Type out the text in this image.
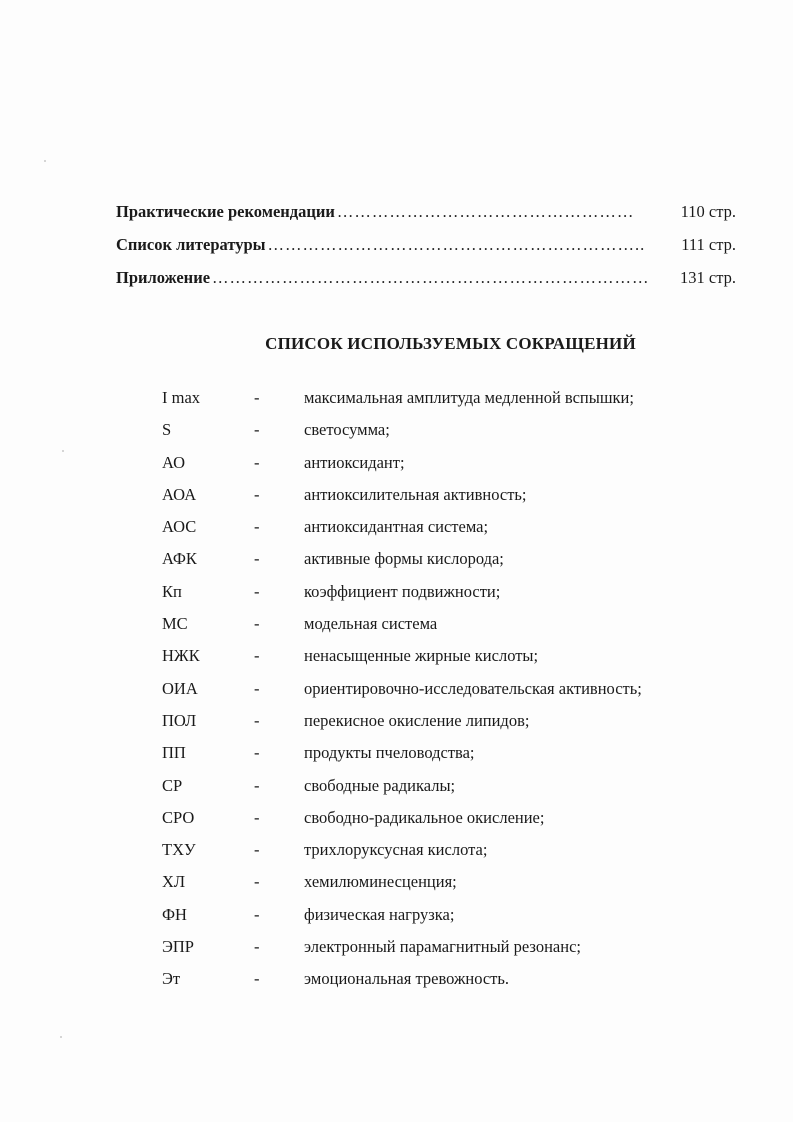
Практические рекомендации ……………………………………………	110 стр.
Список литературы ………………………………………………………..	111 стр.
Приложение …………………………………………………………………	131 стр.
СПИСОК ИСПОЛЬЗУЕМЫХ СОКРАЩЕНИЙ
I max	-	максимальная амплитуда медленной вспышки;
S	-	светосумма;
АО	-	антиоксидант;
АОА	-	антиоксилительная активность;
АОС	-	антиоксидантная система;
АФК	-	активные формы кислорода;
Кп	-	коэффициент подвижности;
МС	-	модельная система
НЖК	-	ненасыщенные жирные кислоты;
ОИА	-	ориентировочно-исследовательская активность;
ПОЛ	-	перекисное окисление липидов;
ПП	-	продукты пчеловодства;
СР	-	свободные радикалы;
СРО	-	свободно-радикальное окисление;
ТХУ	-	трихлоруксусная кислота;
ХЛ	-	хемилюминесценция;
ФН	-	физическая нагрузка;
ЭПР	-	электронный парамагнитный резонанс;
Эт	-	эмоциональная тревожность.
